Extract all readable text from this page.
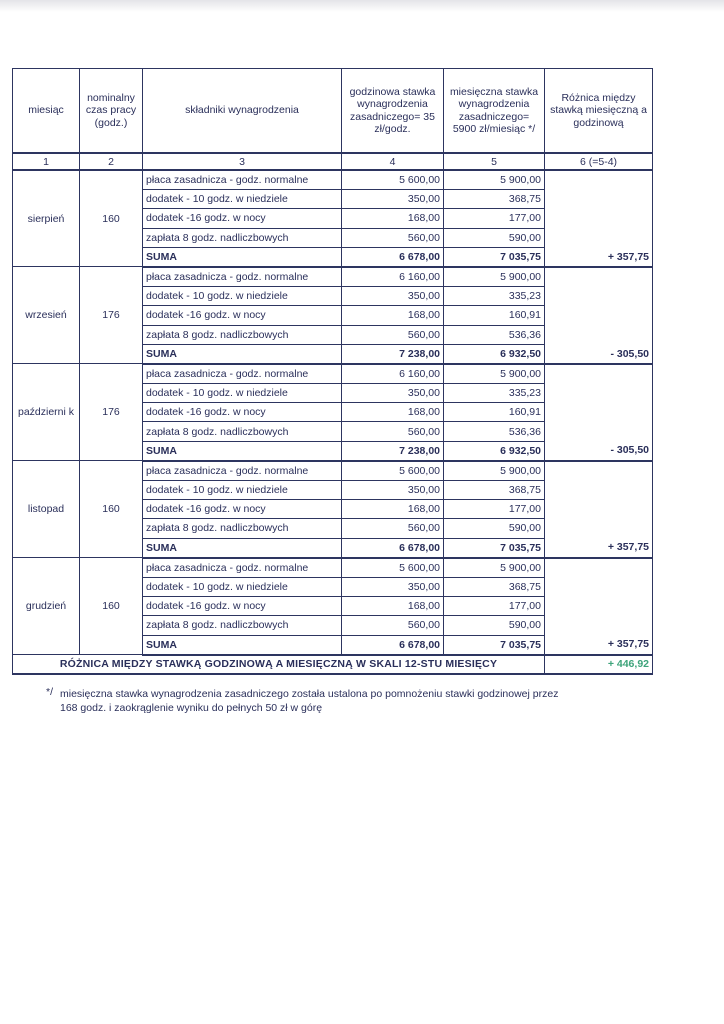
miesiąc	nominalny czas pracy (godz.)	składniki wynagrodzenia	godzinowa stawka wynagrodzenia zasadniczego= 35 zł/godz.	miesięczna stawka wynagrodzenia zasadniczego= 5900 zł/miesiąc */	Różnica między stawką miesięczną a godzinową
1	2	3	4	5	6 (=5-4)
sierpień	160	płaca zasadnicza - godz. normalne	5 600,00	5 900,00	
		dodatek - 10 godz. w niedziele	350,00	368,75	
		dodatek -16 godz. w nocy	168,00	177,00	
		zapłata 8 godz. nadliczbowych	560,00	590,00	
		SUMA	6 678,00	7 035,75	+ 357,75
wrzesień	176	płaca zasadnicza - godz. normalne	6 160,00	5 900,00	
		dodatek - 10 godz. w niedziele	350,00	335,23	
		dodatek -16 godz. w nocy	168,00	160,91	
		zapłata 8 godz. nadliczbowych	560,00	536,36	
		SUMA	7 238,00	6 932,50	- 305,50
październi k	176	płaca zasadnicza - godz. normalne	6 160,00	5 900,00	
		dodatek - 10 godz. w niedziele	350,00	335,23	
		dodatek -16 godz. w nocy	168,00	160,91	
		zapłata 8 godz. nadliczbowych	560,00	536,36	
		SUMA	7 238,00	6 932,50	- 305,50
listopad	160	płaca zasadnicza - godz. normalne	5 600,00	5 900,00	
		dodatek - 10 godz. w niedziele	350,00	368,75	
		dodatek -16 godz. w nocy	168,00	177,00	
		zapłata 8 godz. nadliczbowych	560,00	590,00	
		SUMA	6 678,00	7 035,75	+ 357,75
grudzień	160	płaca zasadnicza - godz. normalne	5 600,00	5 900,00	
		dodatek - 10 godz. w niedziele	350,00	368,75	
		dodatek -16 godz. w nocy	168,00	177,00	
		zapłata 8 godz. nadliczbowych	560,00	590,00	
		SUMA	6 678,00	7 035,75	+ 357,75
RÓŻNICA MIĘDZY STAWKĄ GODZINOWĄ A MIESIĘCZNĄ W SKALI 12-STU MIESIĘCY					+ 446,92
*/ miesięczna stawka wynagrodzenia zasadniczego została ustalona po pomnożeniu stawki godzinowej przez 168 godz. i zaokrąglenie wyniku do pełnych 50 zł w górę
